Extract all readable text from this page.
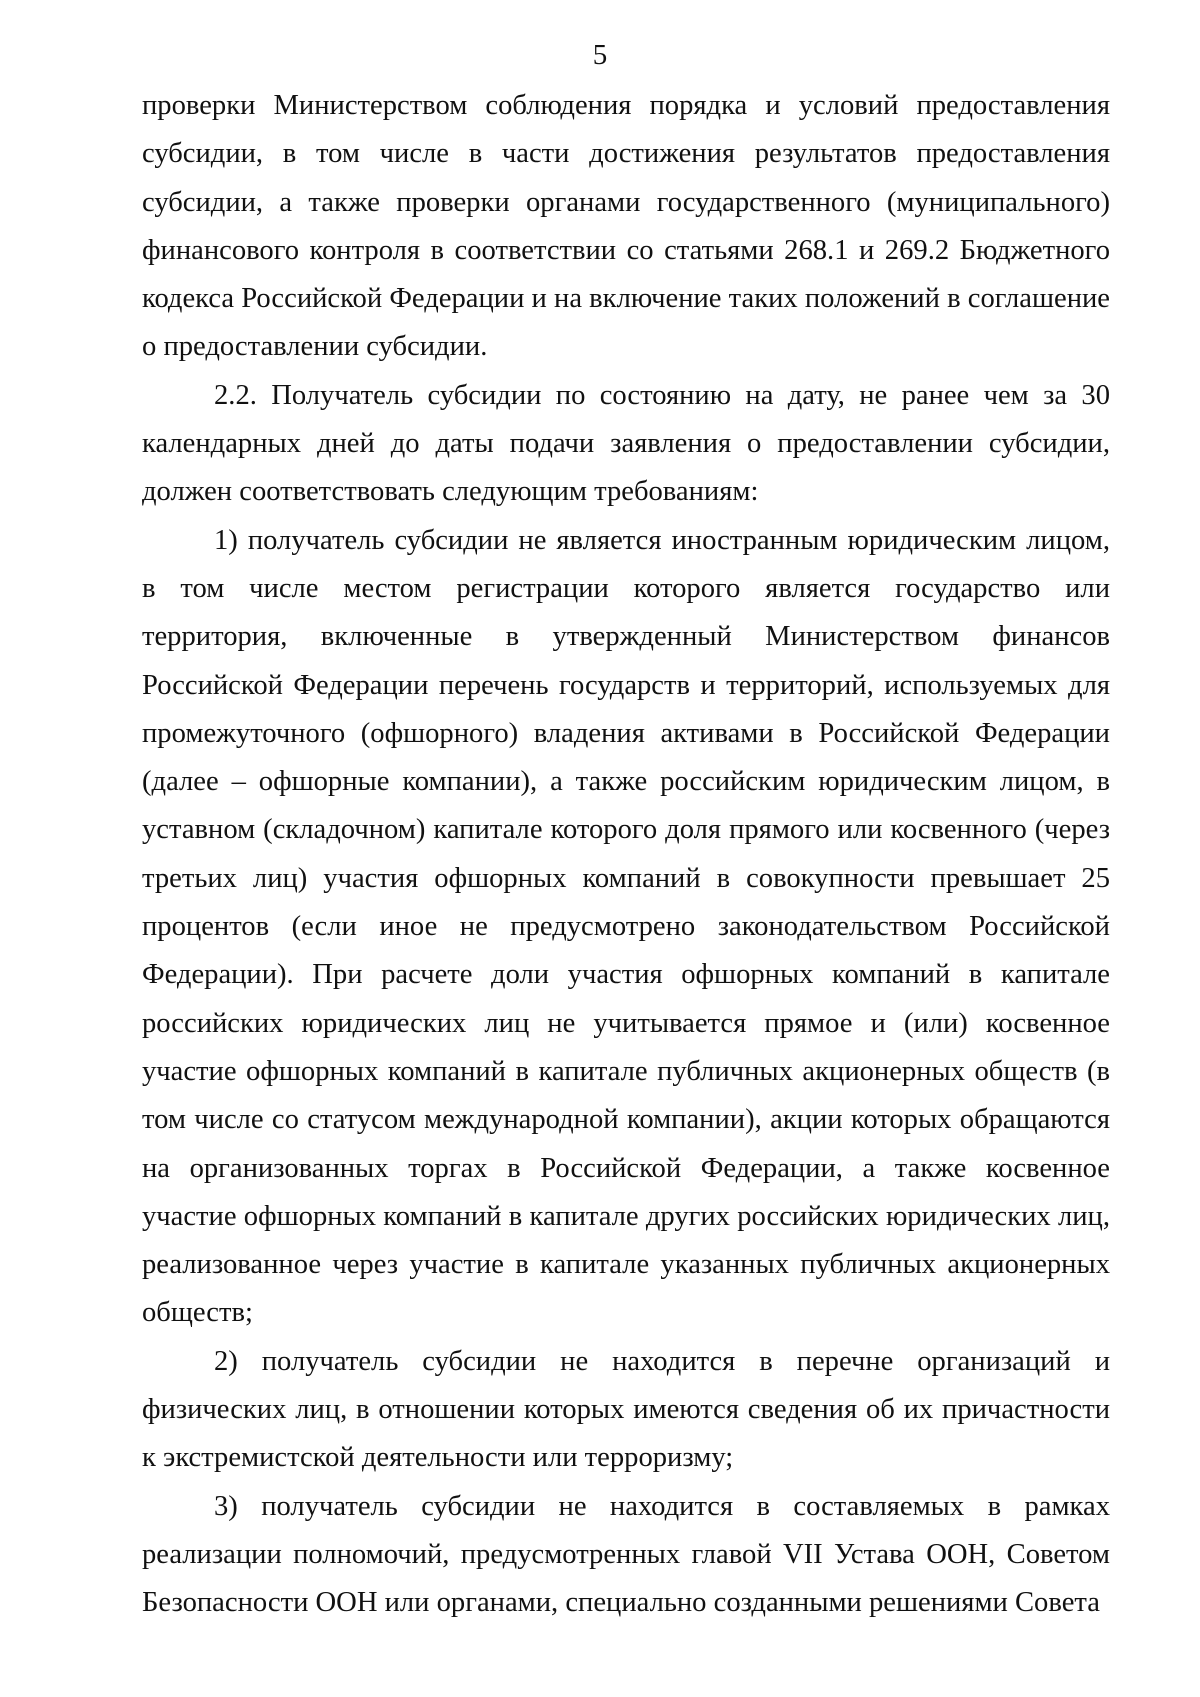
5

проверки Министерством соблюдения порядка и условий предоставления субсидии, в том числе в части достижения результатов предоставления субсидии, а также проверки органами государственного (муниципального) финансового контроля в соответствии со статьями 268.1 и 269.2 Бюджетного кодекса Российской Федерации и на включение таких положений в соглашение о предоставлении субсидии.

2.2. Получатель субсидии по состоянию на дату, не ранее чем за 30 календарных дней до даты подачи заявления о предоставлении субсидии, должен соответствовать следующим требованиям:

1) получатель субсидии не является иностранным юридическим лицом, в том числе местом регистрации которого является государство или территория, включенные в утвержденный Министерством финансов Российской Федерации перечень государств и территорий, используемых для промежуточного (офшорного) владения активами в Российской Федерации (далее – офшорные компании), а также российским юридическим лицом, в уставном (складочном) капитале которого доля прямого или косвенного (через третьих лиц) участия офшорных компаний в совокупности превышает 25 процентов (если иное не предусмотрено законодательством Российской Федерации). При расчете доли участия офшорных компаний в капитале российских юридических лиц не учитывается прямое и (или) косвенное участие офшорных компаний в капитале публичных акционерных обществ (в том числе со статусом международной компании), акции которых обращаются на организованных торгах в Российской Федерации, а также косвенное участие офшорных компаний в капитале других российских юридических лиц, реализованное через участие в капитале указанных публичных акционерных обществ;

2) получатель субсидии не находится в перечне организаций и физических лиц, в отношении которых имеются сведения об их причастности к экстремистской деятельности или терроризму;

3) получатель субсидии не находится в составляемых в рамках реализации полномочий, предусмотренных главой VII Устава ООН, Советом Безопасности ООН или органами, специально созданными решениями Совета
